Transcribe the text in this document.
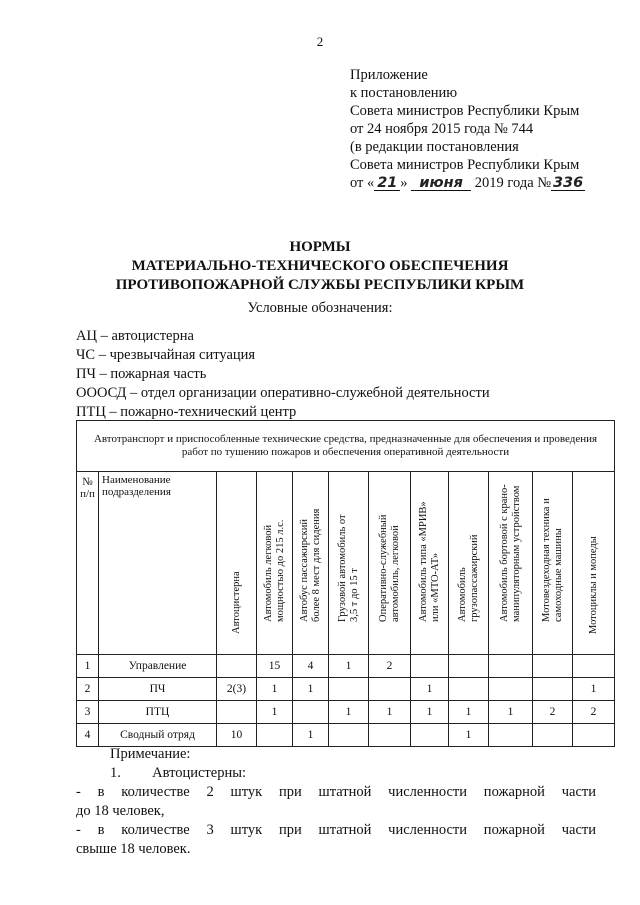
2
Приложение
к постановлению
Совета министров Республики Крым
от 24 ноября 2015 года № 744
(в редакции постановления
Совета министров Республики Крым
от « 21 » июня 2019 года № 336
НОРМЫ
МАТЕРИАЛЬНО-ТЕХНИЧЕСКОГО ОБЕСПЕЧЕНИЯ
ПРОТИВОПОЖАРНОЙ СЛУЖБЫ РЕСПУБЛИКИ КРЫМ
Условные обозначения:
АЦ – автоцистерна
ЧС – чрезвычайная ситуация
ПЧ – пожарная часть
ОООСД – отдел организации оперативно-служебной деятельности
ПТЦ – пожарно-технический центр
Автотранспорт и приспособленные технические средства, предназначенные для обеспечения и проведения работ по тушению пожаров и обеспечения оперативной деятельности											
№ п/п	Наименование подразделения	Автоцистерна	Автомобиль легковой мощностью до 215 л.с.	Автобус пассажирский более 8 мест для сидения	Грузовой автомобиль от 3,5 т до 15 т	Оперативно-служебный автомобиль, легковой	Автомобиль типа «МРИВ» или «МТО-АТ»	Автомобиль грузопассажирский	Автомобиль бортовой с крано- манипуляторным устройством	Мотовездеходная техника и самоходные машины	Мотоциклы и мопеды

1	Управление		15	4	1	2					
2	ПЧ	2(3)	1	1			1				1
3	ПТЦ		1		1	1	1	1	1	2	2
4	Сводный отряд	10		1				1			
Примечание:
1. Автоцистерны:
- в количестве 2 штук при штатной численности пожарной части
до 18 человек,
- в количестве 3 штук при штатной численности пожарной части
свыше 18 человек.
